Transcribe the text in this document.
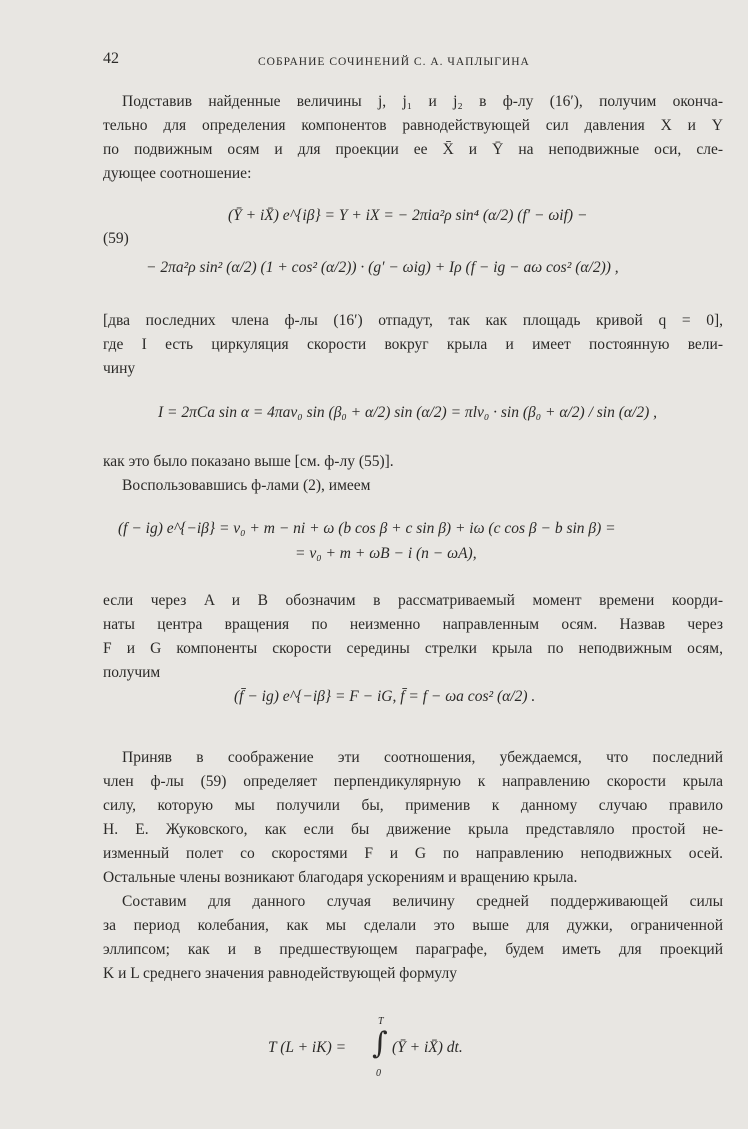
42	СОБРАНИЕ СОЧИНЕНИЙ С. А. ЧАПЛЫГИНА
Подставив найденные величины j, j₁ и j₂ в ф-лу (16′), получим оконча-
тельно для определения компонентов равнодействующей сил давления X и Y
по подвижным осям и для проекции ее X̄ и Ȳ на неподвижные оси, сле-
дующее соотношение:
(Ȳ + iX̄) e^{iβ} = Y + iX = − 2πia²ρ sin⁴ (α/2) (f′ − ωif) −
(59)
− 2πa²ρ sin² (α/2) (1 + cos² (α/2)) · (g′ − ωig) + Iρ (f − ig − aω cos² (α/2)) ,
[два последних члена ф-лы (16′) отпадут, так как площадь кривой q = 0],
где I есть циркуляция скорости вокруг крыла и имеет постоянную вели-
чину
I = 2πCa sin α = 4πav₀ sin (β₀ + α/2) sin (α/2) = πlv₀ · sin (β₀ + α/2) / sin (α/2) ,
как это было показано выше [см. ф-лу (55)].
Воспользовавшись ф-лами (2), имеем
(f − ig) e^{−iβ} = v₀ + m − ni + ω (b cos β + c sin β) + iω (c cos β − b sin β) =
= v₀ + m + ωB − i (n − ωA),
если через A и B обозначим в рассматриваемый момент времени коорди-
наты центра вращения по неизменно направленным осям. Назвав через
F и G компоненты скорости середины стрелки крыла по неподвижным осям,
получим
(f̄ − ig) e^{−iβ} = F − iG, f̄ = f − ωa cos² (α/2) .
Приняв в соображение эти соотношения, убеждаемся, что последний
член ф-лы (59) определяет перпендикулярную к направлению скорости крыла
силу, которую мы получили бы, применив к данному случаю правило
Н. Е. Жуковского, как если бы движение крыла представляло простой не-
изменный полет со скоростями F и G по направлению неподвижных осей.
Остальные члены возникают благодаря ускорениям и вращению крыла.
Составим для данного случая величину средней поддерживающей силы
за период колебания, как мы сделали это выше для дужки, ограниченной
эллипсом; как и в предшествующем параграфе, будем иметь для проекций
K и L среднего значения равнодействующей формулу
T (L + iK) =
T
∫
0
(Ȳ + iX̄) dt.
